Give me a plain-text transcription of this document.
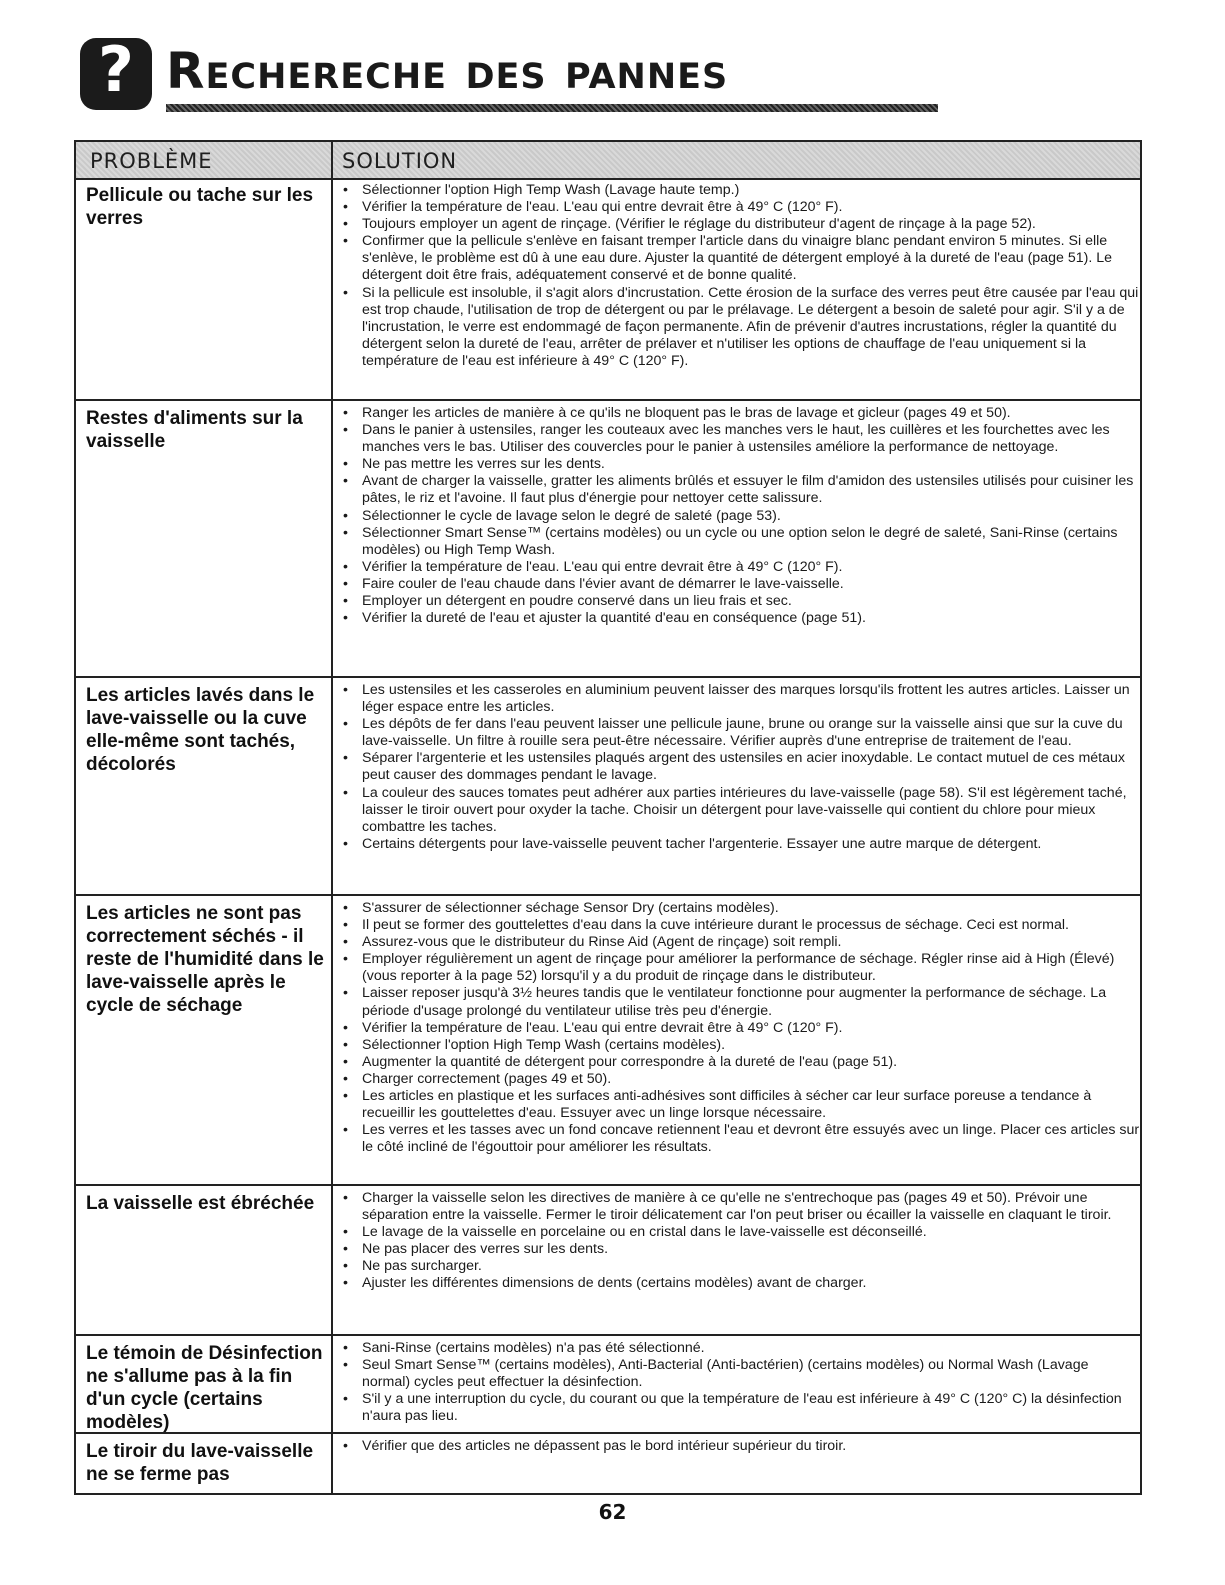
? Rechereche des pannes
PROBLÈME	SOLUTION
Pellicule ou tache sur les verres
• Sélectionner l'option High Temp Wash (Lavage haute temp.)
• Vérifier la température de l'eau. L'eau qui entre devrait être à 49° C (120° F).
• Toujours employer un agent de rinçage. (Vérifier le réglage du distributeur d'agent de rinçage à la page 52).
• Confirmer que la pellicule s'enlève en faisant tremper l'article dans du vinaigre blanc pendant environ 5 minutes. Si elle s'enlève, le problème est dû à une eau dure. Ajuster la quantité de détergent employé à la dureté de l'eau (page 51). Le détergent doit être frais, adéquatement conservé et de bonne qualité.
• Si la pellicule est insoluble, il s'agit alors d'incrustation. Cette érosion de la surface des verres peut être causée par l'eau qui est trop chaude, l'utilisation de trop de détergent ou par le prélavage. Le détergent a besoin de saleté pour agir. S'il y a de l'incrustation, le verre est endommagé de façon permanente. Afin de prévenir d'autres incrustations, régler la quantité du détergent selon la dureté de l'eau, arrêter de prélaver et n'utiliser les options de chauffage de l'eau uniquement si la température de l'eau est inférieure à 49° C (120° F).
Restes d'aliments sur la vaisselle
• Ranger les articles de manière à ce qu'ils ne bloquent pas le bras de lavage et gicleur (pages 49 et 50).
• Dans le panier à ustensiles, ranger les couteaux avec les manches vers le haut, les cuillères et les fourchettes avec les manches vers le bas. Utiliser des couvercles pour le panier à ustensiles améliore la performance de nettoyage.
• Ne pas mettre les verres sur les dents.
• Avant de charger la vaisselle, gratter les aliments brûlés et essuyer le film d'amidon des ustensiles utilisés pour cuisiner les pâtes, le riz et l'avoine. Il faut plus d'énergie pour nettoyer cette salissure.
• Sélectionner le cycle de lavage selon le degré de saleté (page 53).
• Sélectionner Smart Sense™ (certains modèles) ou un cycle ou une option selon le degré de saleté, Sani-Rinse (certains modèles) ou High Temp Wash.
• Vérifier la température de l'eau. L'eau qui entre devrait être à 49° C (120° F).
• Faire couler de l'eau chaude dans l'évier avant de démarrer le lave-vaisselle.
• Employer un détergent en poudre conservé dans un lieu frais et sec.
• Vérifier la dureté de l'eau et ajuster la quantité d'eau en conséquence (page 51).
Les articles lavés dans le lave-vaisselle ou la cuve elle-même sont tachés, décolorés
• Les ustensiles et les casseroles en aluminium peuvent laisser des marques lorsqu'ils frottent les autres articles. Laisser un léger espace entre les articles.
• Les dépôts de fer dans l'eau peuvent laisser une pellicule jaune, brune ou orange sur la vaisselle ainsi que sur la cuve du lave-vaisselle. Un filtre à rouille sera peut-être nécessaire. Vérifier auprès d'une entreprise de traitement de l'eau.
• Séparer l'argenterie et les ustensiles plaqués argent des ustensiles en acier inoxydable. Le contact mutuel de ces métaux peut causer des dommages pendant le lavage.
• La couleur des sauces tomates peut adhérer aux parties intérieures du lave-vaisselle (page 58). S'il est légèrement taché, laisser le tiroir ouvert pour oxyder la tache. Choisir un détergent pour lave-vaisselle qui contient du chlore pour mieux combattre les taches.
• Certains détergents pour lave-vaisselle peuvent tacher l'argenterie. Essayer une autre marque de détergent.
Les articles ne sont pas correctement séchés - il reste de l'humidité dans le lave-vaisselle après le cycle de séchage
• S'assurer de sélectionner séchage Sensor Dry (certains modèles).
• Il peut se former des gouttelettes d'eau dans la cuve intérieure durant le processus de séchage. Ceci est normal.
• Assurez-vous que le distributeur du Rinse Aid (Agent de rinçage) soit rempli.
• Employer régulièrement un agent de rinçage pour améliorer la performance de séchage. Régler rinse aid à High (Élevé) (vous reporter à la page 52) lorsqu'il y a du produit de rinçage dans le distributeur.
• Laisser reposer jusqu'à 3½ heures tandis que le ventilateur fonctionne pour augmenter la performance de séchage. La période d'usage prolongé du ventilateur utilise très peu d'énergie.
• Vérifier la température de l'eau. L'eau qui entre devrait être à 49° C (120° F).
• Sélectionner l'option High Temp Wash (certains modèles).
• Augmenter la quantité de détergent pour correspondre à la dureté de l'eau (page 51).
• Charger correctement (pages 49 et 50).
• Les articles en plastique et les surfaces anti-adhésives sont difficiles à sécher car leur surface poreuse a tendance à recueillir les gouttelettes d'eau. Essuyer avec un linge lorsque nécessaire.
• Les verres et les tasses avec un fond concave retiennent l'eau et devront être essuyés avec un linge. Placer ces articles sur le côté incliné de l'égouttoir pour améliorer les résultats.
La vaisselle est ébréchée
•	Charger la vaisselle selon les directives de manière à ce qu'elle ne s'entrechoque pas (pages 49 et 50). Prévoir une séparation entre la vaisselle. Fermer le tiroir délicatement car l'on peut briser ou écailler la vaisselle en claquant le tiroir.
• Le lavage de la vaisselle en porcelaine ou en cristal dans le lave-vaisselle est déconseillé.
• Ne pas placer des verres sur les dents.
• Ne pas surcharger.
• Ajuster les différentes dimensions de dents (certains modèles) avant de charger.
Le témoin de Désinfection ne s'allume pas à la fin d'un cycle (certains modèles)
• Sani-Rinse (certains modèles) n'a pas été sélectionné.
• Seul Smart Sense™ (certains modèles), Anti-Bacterial (Anti-bactérien) (certains modèles) ou Normal Wash (Lavage normal) cycles peut effectuer la désinfection.
• S'il y a une interruption du cycle, du courant ou que la température de l'eau est inférieure à 49° C (120° C) la désinfection n'aura pas lieu.
Le tiroir du lave-vaisselle ne se ferme pas
• Vérifier que des articles ne dépassent pas le bord intérieur supérieur du tiroir.
62
